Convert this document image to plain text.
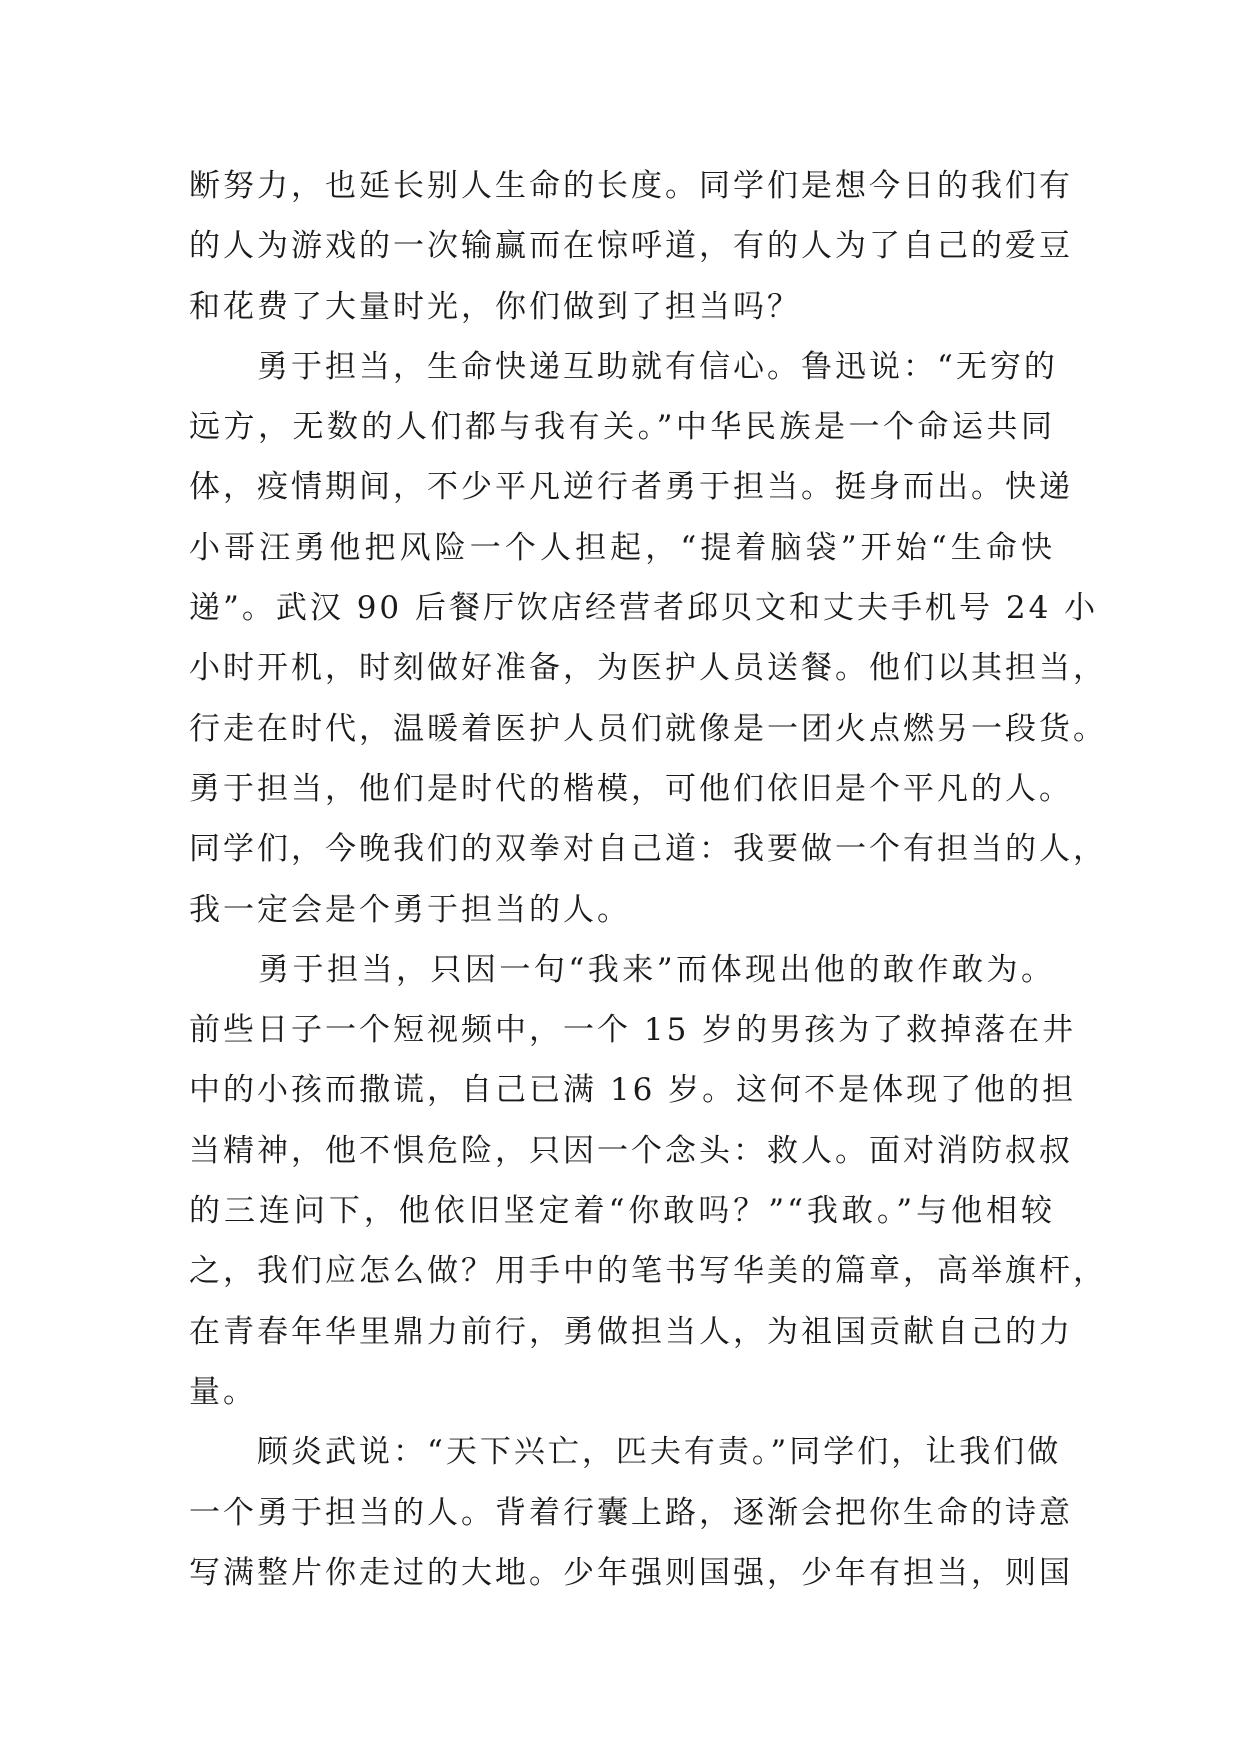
断努力，也延长别人生命的长度。同学们是想今日的我们有
的人为游戏的一次输赢而在惊呼道，有的人为了自己的爱豆
和花费了大量时光，你们做到了担当吗？
　　勇于担当，生命快递互助就有信心。鲁迅说：“无穷的
远方，无数的人们都与我有关。”中华民族是一个命运共同
体，疫情期间，不少平凡逆行者勇于担当。挺身而出。快递
小哥汪勇他把风险一个人担起，“提着脑袋”开始“生命快
递”。武汉 90 后餐厅饮店经营者邱贝文和丈夫手机号 24 小
小时开机，时刻做好准备，为医护人员送餐。他们以其担当，
行走在时代，温暖着医护人员们就像是一团火点燃另一段货。
勇于担当，他们是时代的楷模，可他们依旧是个平凡的人。
同学们，今晚我们的双拳对自己道：我要做一个有担当的人，
我一定会是个勇于担当的人。
　　勇于担当，只因一句“我来”而体现出他的敢作敢为。
前些日子一个短视频中，一个 15 岁的男孩为了救掉落在井
中的小孩而撒谎，自己已满 16 岁。这何不是体现了他的担
当精神，他不惧危险，只因一个念头：救人。面对消防叔叔
的三连问下，他依旧坚定着“你敢吗？”“我敢。”与他相较
之，我们应怎么做？用手中的笔书写华美的篇章，高举旗杆，
在青春年华里鼎力前行，勇做担当人，为祖国贡献自己的力
量。
　　顾炎武说：“天下兴亡，匹夫有责。”同学们，让我们做
一个勇于担当的人。背着行囊上路，逐渐会把你生命的诗意
写满整片你走过的大地。少年强则国强，少年有担当，则国
